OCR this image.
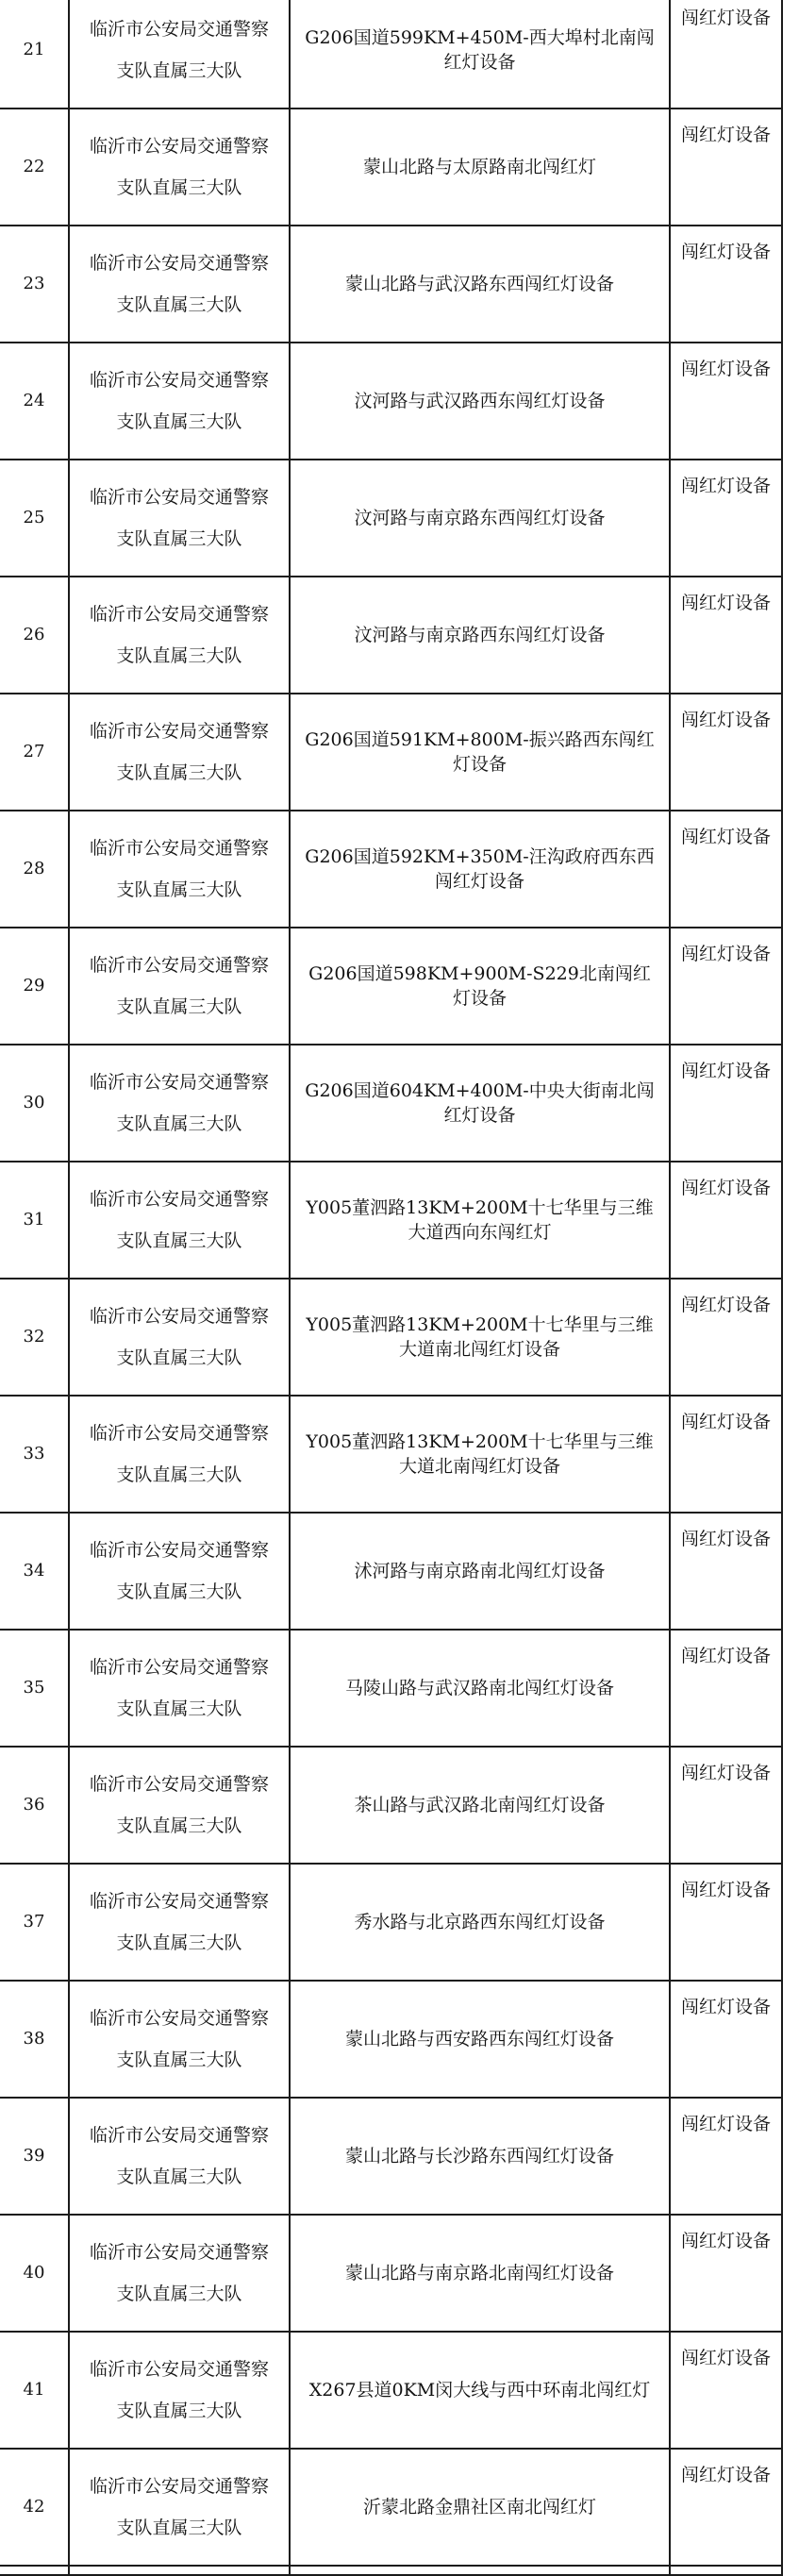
21	临沂市公安局交通警察
支队直属三大队	G206国道599KM+450M-西大埠村北南闯红灯设备	闯红灯设备
22	临沂市公安局交通警察
支队直属三大队	蒙山北路与太原路南北闯红灯	闯红灯设备
23	临沂市公安局交通警察
支队直属三大队	蒙山北路与武汉路东西闯红灯设备	闯红灯设备
24	临沂市公安局交通警察
支队直属三大队	汶河路与武汉路西东闯红灯设备	闯红灯设备
25	临沂市公安局交通警察
支队直属三大队	汶河路与南京路东西闯红灯设备	闯红灯设备
26	临沂市公安局交通警察
支队直属三大队	汶河路与南京路西东闯红灯设备	闯红灯设备
27	临沂市公安局交通警察
支队直属三大队	G206国道591KM+800M-振兴路西东闯红灯设备	闯红灯设备
28	临沂市公安局交通警察
支队直属三大队	G206国道592KM+350M-汪沟政府西东西闯红灯设备	闯红灯设备
29	临沂市公安局交通警察
支队直属三大队	G206国道598KM+900M-S229北南闯红灯设备	闯红灯设备
30	临沂市公安局交通警察
支队直属三大队	G206国道604KM+400M-中央大街南北闯红灯设备	闯红灯设备
31	临沂市公安局交通警察
支队直属三大队	Y005董泗路13KM+200M十七华里与三维大道西向东闯红灯	闯红灯设备
32	临沂市公安局交通警察
支队直属三大队	Y005董泗路13KM+200M十七华里与三维大道南北闯红灯设备	闯红灯设备
33	临沂市公安局交通警察
支队直属三大队	Y005董泗路13KM+200M十七华里与三维大道北南闯红灯设备	闯红灯设备
34	临沂市公安局交通警察
支队直属三大队	沭河路与南京路南北闯红灯设备	闯红灯设备
35	临沂市公安局交通警察
支队直属三大队	马陵山路与武汉路南北闯红灯设备	闯红灯设备
36	临沂市公安局交通警察
支队直属三大队	茶山路与武汉路北南闯红灯设备	闯红灯设备
37	临沂市公安局交通警察
支队直属三大队	秀水路与北京路西东闯红灯设备	闯红灯设备
38	临沂市公安局交通警察
支队直属三大队	蒙山北路与西安路西东闯红灯设备	闯红灯设备
39	临沂市公安局交通警察
支队直属三大队	蒙山北路与长沙路东西闯红灯设备	闯红灯设备
40	临沂市公安局交通警察
支队直属三大队	蒙山北路与南京路北南闯红灯设备	闯红灯设备
41	临沂市公安局交通警察
支队直属三大队	X267县道0KM闵大线与西中环南北闯红灯	闯红灯设备
42	临沂市公安局交通警察
支队直属三大队	沂蒙北路金鼎社区南北闯红灯	闯红灯设备
